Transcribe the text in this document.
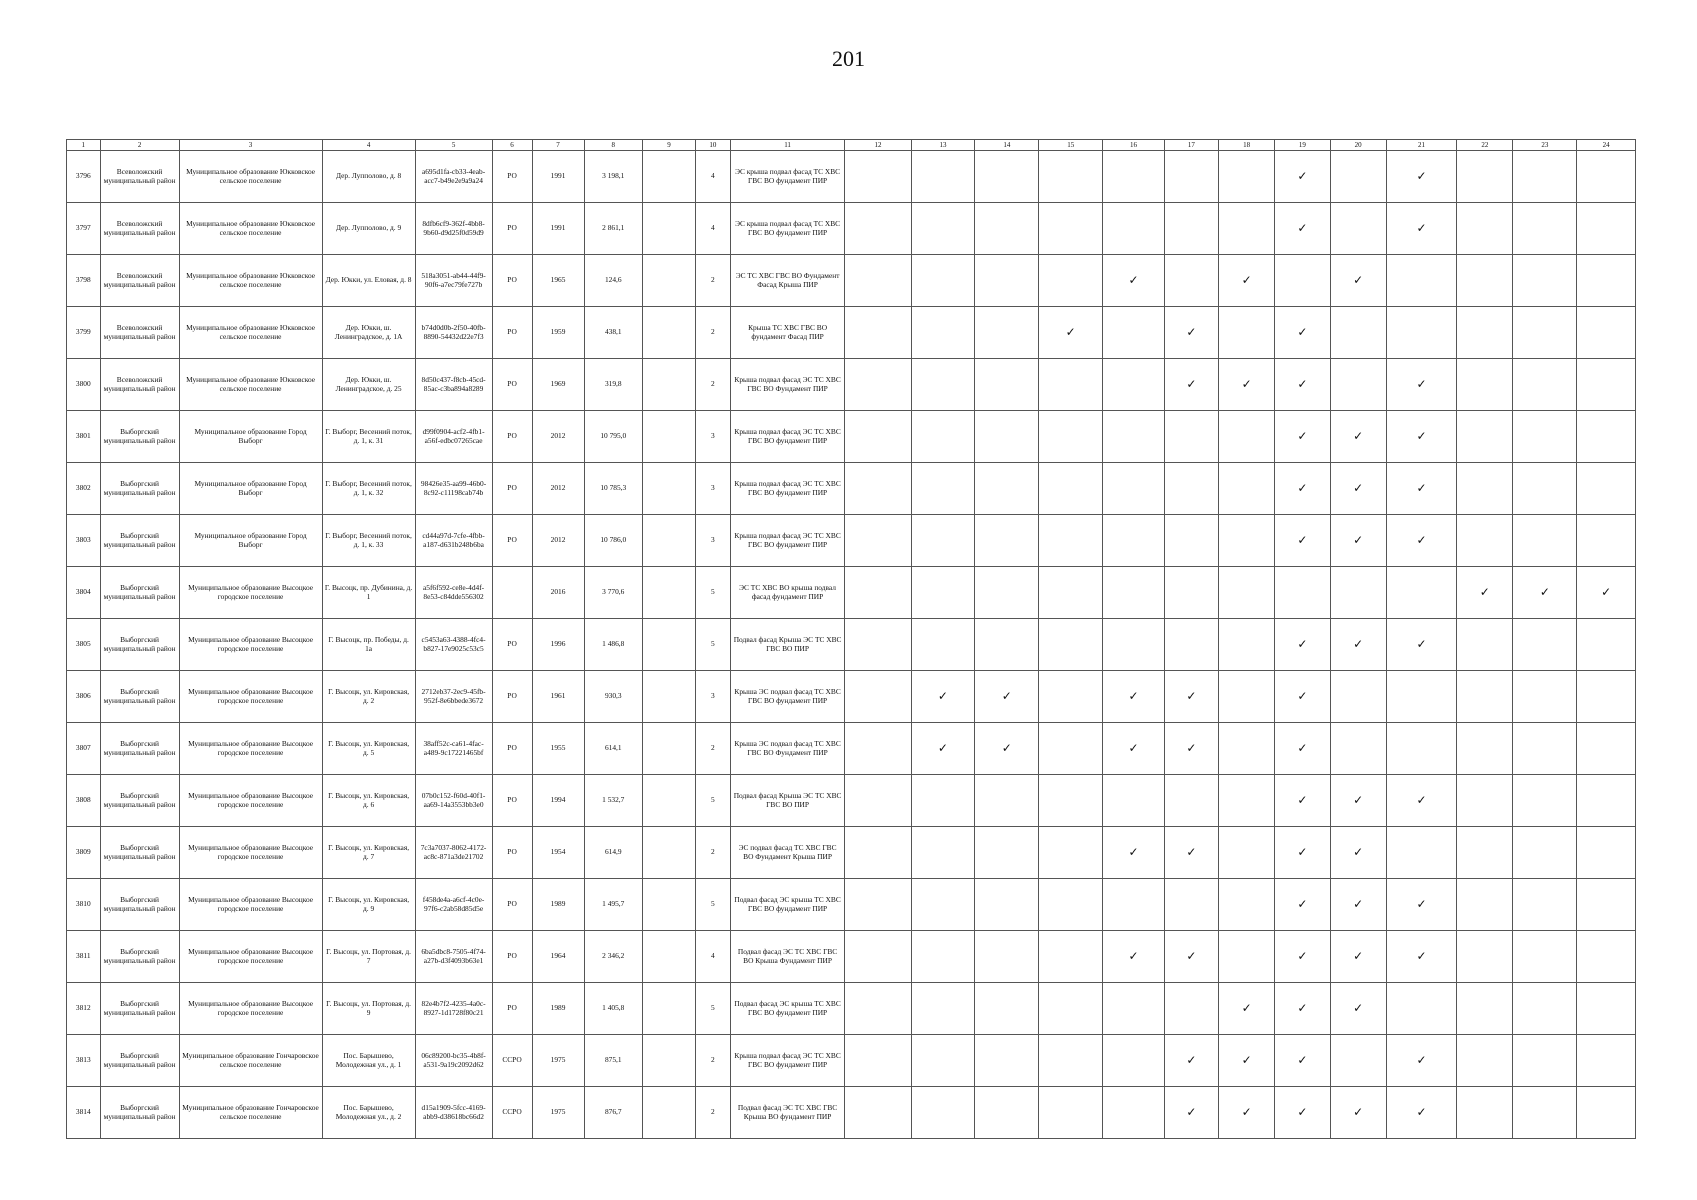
201
1	2	3	4	5	6	7	8	9	10	11	12	13	14	15	16	17	18	19	20	21	22	23	24
3796	Всеволожский муниципальный район	Муниципальное образование Юкковское сельское поселение	Дер. Лупполово, д. 8	a695d1fa-cb33-4eab-acc7-b49e2e9a9a24	РО	1991	3 198,1		4	ЭС крыша подвал фасад ТС ХВС ГВС ВО фундамент ПИР								✓		✓			
3797	Всеволожский муниципальный район	Муниципальное образование Юкковское сельское поселение	Дер. Лупполово, д. 9	8dfb6cf9-362f-4bb8-9b60-d9d25f0d59d9	РО	1991	2 861,1		4	ЭС крыша подвал фасад ТС ХВС ГВС ВО фундамент ПИР								✓		✓			
3798	Всеволожский муниципальный район	Муниципальное образование Юкковское сельское поселение	Дер. Юкки, ул. Еловая, д. 8	518a3051-ab44-44f9-90f6-a7ec79fe727b	РО	1965	124,6		2	ЭС ТС ХВС ГВС ВО Фундамент Фасад Крыша ПИР					✓		✓		✓				
3799	Всеволожский муниципальный район	Муниципальное образование Юкковское сельское поселение	Дер. Юкки, ш. Ленинградское, д. 1А	b74d0d0b-2f50-40fb-8890-54432d22e7f3	РО	1959	438,1		2	Крыша ТС ХВС ГВС ВО фундамент Фасад ПИР				✓		✓		✓					
3800	Всеволожский муниципальный район	Муниципальное образование Юкковское сельское поселение	Дер. Юкки, ш. Ленинградское, д. 25	8d50c437-f8cb-45cd-85ac-c3ba894a8289	РО	1969	319,8		2	Крыша подвал фасад ЭС ТС ХВС ГВС ВО Фундамент ПИР						✓	✓	✓		✓			
3801	Выборгский муниципальный район	Муниципальное образование Город Выборг	Г. Выборг, Весенний поток, д. 1, к. 31	d99f0904-acf2-4fb1-a56f-edbc07265cae	РО	2012	10 795,0		3	Крыша подвал фасад ЭС ТС ХВС ГВС ВО фундамент ПИР								✓	✓	✓			
3802	Выборгский муниципальный район	Муниципальное образование Город Выборг	Г. Выборг, Весенний поток, д. 1, к. 32	98426e35-aa99-46b0-8c92-c11198cab74b	РО	2012	10 785,3		3	Крыша подвал фасад ЭС ТС ХВС ГВС ВО фундамент ПИР								✓	✓	✓			
3803	Выборгский муниципальный район	Муниципальное образование Город Выборг	Г. Выборг, Весенний поток, д. 1, к. 33	cd44a97d-7cfe-4fbb-a187-d631b248b6ba	РО	2012	10 786,0		3	Крыша подвал фасад ЭС ТС ХВС ГВС ВО фундамент ПИР								✓	✓	✓			
3804	Выборгский муниципальный район	Муниципальное образование Высоцкое городское поселение	Г. Высоцк, пр. Дубинина, д. 1	a5f6f592-ce8e-4d4f-8e53-c84dde556302		2016	3 770,6		5	ЭС ТС ХВС ВО крыша подвал фасад фундамент ПИР											✓	✓	✓
3805	Выборгский муниципальный район	Муниципальное образование Высоцкое городское поселение	Г. Высоцк, пр. Победы, д. 1а	c5453a63-4388-4fc4-b827-17e9025c53c5	РО	1996	1 486,8		5	Подвал фасад Крыша ЭС ТС ХВС ГВС ВО ПИР								✓	✓	✓			
3806	Выборгский муниципальный район	Муниципальное образование Высоцкое городское поселение	Г. Высоцк, ул. Кировская, д. 2	2712eb37-2ec9-45fb-952f-8e6bbede3672	РО	1961	930,3		3	Крыша ЭС подвал фасад ТС ХВС ГВС ВО фундамент ПИР		✓	✓		✓	✓		✓					
3807	Выборгский муниципальный район	Муниципальное образование Высоцкое городское поселение	Г. Высоцк, ул. Кировская, д. 5	38aff52c-ca61-4fac-a489-9c17221465bf	РО	1955	614,1		2	Крыша ЭС подвал фасад ТС ХВС ГВС ВО Фундамент ПИР		✓	✓		✓	✓		✓					
3808	Выборгский муниципальный район	Муниципальное образование Высоцкое городское поселение	Г. Высоцк, ул. Кировская, д. 6	07b0c152-f60d-40f1-aa69-14a3553bb3e0	РО	1994	1 532,7		5	Подвал фасад Крыша ЭС ТС ХВС ГВС ВО ПИР								✓	✓	✓			
3809	Выборгский муниципальный район	Муниципальное образование Высоцкое городское поселение	Г. Высоцк, ул. Кировская, д. 7	7c3a7037-8062-4172-ac8c-871a3de21702	РО	1954	614,9		2	ЭС подвал фасад ТС ХВС ГВС ВО Фундамент Крыша ПИР					✓	✓		✓	✓				
3810	Выборгский муниципальный район	Муниципальное образование Высоцкое городское поселение	Г. Высоцк, ул. Кировская, д. 9	f458de4a-a6cf-4c0e-97f6-c2ab58d85d5e	РО	1989	1 495,7		5	Подвал фасад ЭС крыша ТС ХВС ГВС ВО фундамент ПИР								✓	✓	✓			
3811	Выборгский муниципальный район	Муниципальное образование Высоцкое городское поселение	Г. Высоцк, ул. Портовая, д. 7	6ba5dbc8-7505-4f74-a27b-d3f4093b63e1	РО	1964	2 346,2		4	Подвал фасад ЭС ТС ХВС ГВС ВО Крыша Фундамент ПИР					✓	✓		✓	✓	✓			
3812	Выборгский муниципальный район	Муниципальное образование Высоцкое городское поселение	Г. Высоцк, ул. Портовая, д. 9	82e4b7f2-4235-4a0c-8927-1d1728f80c21	РО	1989	1 405,8		5	Подвал фасад ЭС крыша ТС ХВС ГВС ВО фундамент ПИР							✓	✓	✓				
3813	Выборгский муниципальный район	Муниципальное образование Гончаровское сельское поселение	Пос. Барышево, Молодежная ул., д. 1	06c89200-bc35-4b8f-a531-9a19c2092d62	ССРО	1975	875,1		2	Крыша подвал фасад ЭС ТС ХВС ГВС ВО фундамент ПИР						✓	✓	✓		✓			
3814	Выборгский муниципальный район	Муниципальное образование Гончаровское сельское поселение	Пос. Барышево, Молодежная ул., д. 2	d15a1909-5fcc-4169-abb9-d38618bc66d2	ССРО	1975	876,7		2	Подвал фасад ЭС ТС ХВС ГВС Крыша ВО фундамент ПИР						✓	✓	✓	✓	✓			
